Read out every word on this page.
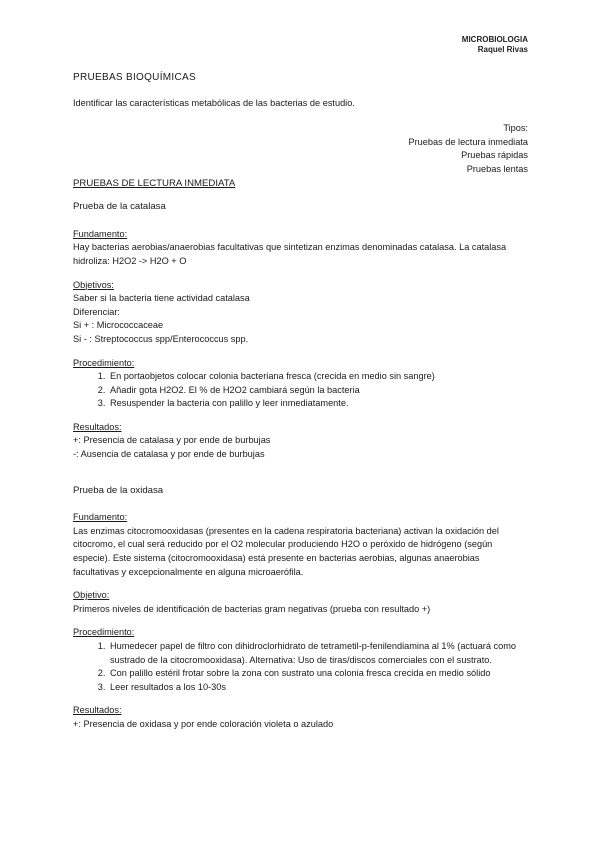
MICROBIOLOGIA
Raquel Rivas

PRUEBAS BIOQUÍMICAS

Identificar las características metabólicas de las bacterias de estudio.

Tipos:

Pruebas de lectura inmediata

Pruebas rápidas

Pruebas lentas

PRUEBAS DE LECTURA INMEDIATA

Prueba de la catalasa

Fundamento:

Hay bacterias aerobias/anaerobias facultativas que sintetizan enzimas denominadas catalasa. La catalasa hidroliza: H2O2 -> H2O + O

Objetivos:

Saber si la bacteria tiene actividad catalasa

Diferenciar:

Si + : Micrococcaceae

Si - : Streptococcus spp/Enterococcus spp.

Procedimiento:

1. En portaobjetos colocar colonia bacteriana fresca (crecida en medio sin sangre)
2. Añadir gota H2O2. El % de H2O2 cambiará según la bacteria
3. Resuspender la bacteria con palillo y leer inmediatamente.

Resultados:

+: Presencia de catalasa y por ende de burbujas

-: Ausencia de catalasa y por ende de burbujas

Prueba de la oxidasa

Fundamento:

Las enzimas citocromooxidasas (presentes en la cadena respiratoria bacteriana) activan la oxidación del citocromo, el cual será reducido por el O2 molecular produciendo H2O o peróxido de hidrógeno (según especie). Este sistema (citocromooxidasa) está presente en bacterias aerobias, algunas anaerobias facultativas y excepcionalmente en alguna microaerófila.

Objetivo:

Primeros niveles de identificación de bacterias gram negativas (prueba con resultado +)

Procedimiento:

1. Humedecer papel de filtro con dihidroclorhidrato de tetrametil-p-fenilendiamina al 1% (actuará como sustrado de la citocromooxidasa). Alternativa: Uso de tiras/discos comerciales con el sustrato.
2. Con palillo estéril frotar sobre la zona con sustrato una colonia fresca crecida en medio sólido
3. Leer resultados a los 10-30s

Resultados:

+: Presencia de oxidasa y por ende coloración violeta o azulado
